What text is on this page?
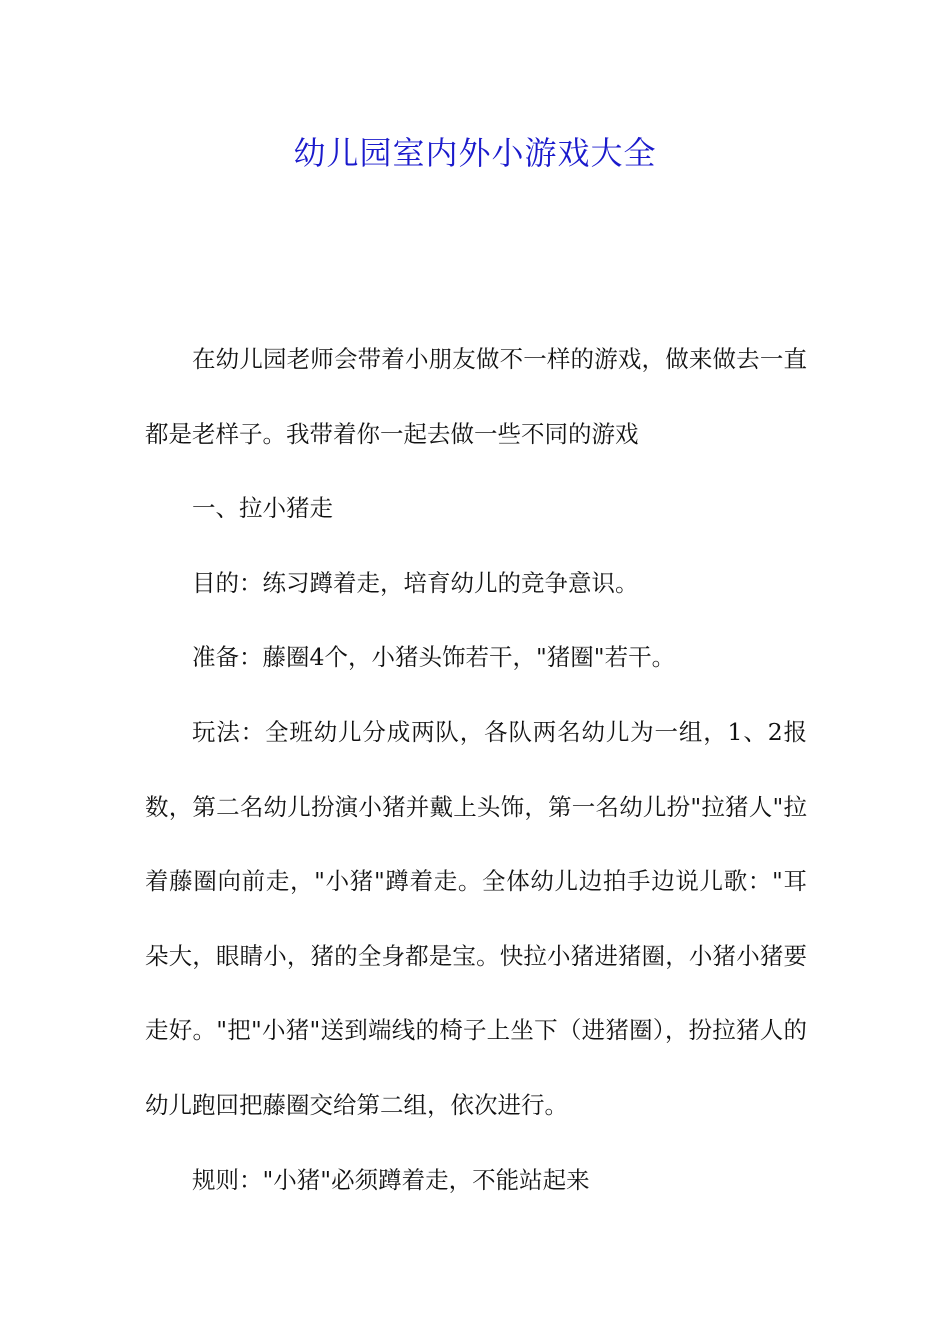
幼儿园室内外小游戏大全

在幼儿园老师会带着小朋友做不一样的游戏，做来做去一直都是老样子。我带着你一起去做一些不同的游戏

一、拉小猪走

目的：练习蹲着走，培育幼儿的竞争意识。

准备：藤圈4个，小猪头饰若干，"猪圈"若干。

玩法：全班幼儿分成两队，各队两名幼儿为一组，1、2报数，第二名幼儿扮演小猪并戴上头饰，第一名幼儿扮"拉猪人"拉着藤圈向前走，"小猪"蹲着走。全体幼儿边拍手边说儿歌："耳朵大，眼睛小，猪的全身都是宝。快拉小猪进猪圈，小猪小猪要走好。"把"小猪"送到端线的椅子上坐下（进猪圈），扮拉猪人的幼儿跑回把藤圈交给第二组，依次进行。

规则："小猪"必须蹲着走，不能站起来
